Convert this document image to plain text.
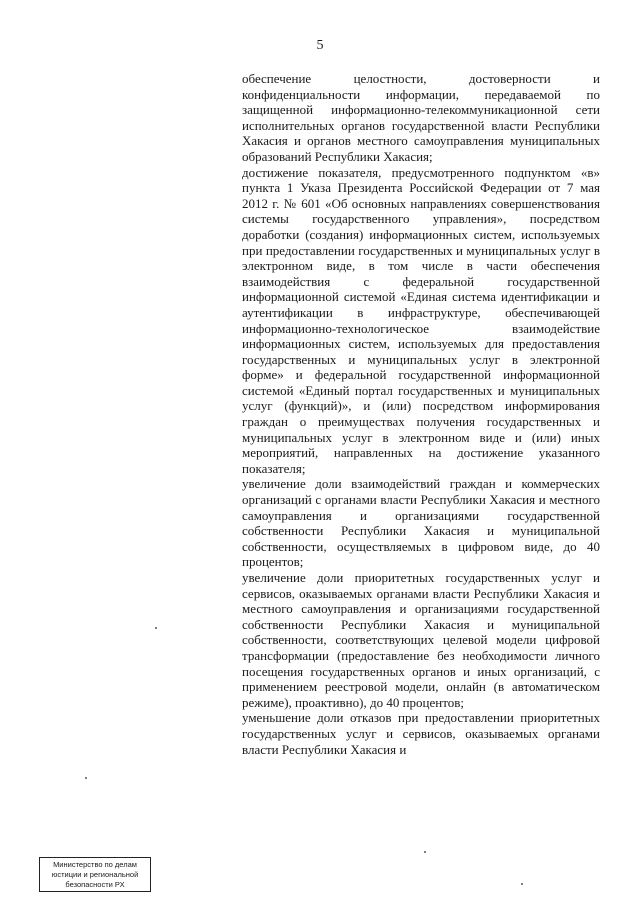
5

обеспечение целостности, достоверности и конфиденциальности информации, передаваемой по защищенной информационно-телекоммуникационной сети исполнительных органов государственной власти Республики Хакасия и органов местного самоуправления муниципальных образований Республики Хакасия;

достижение показателя, предусмотренного подпунктом «в» пункта 1 Указа Президента Российской Федерации от 7 мая 2012 г. № 601 «Об основных направлениях совершенствования системы государственного управления», посредством доработки (создания) информационных систем, используемых при предоставлении государственных и муниципальных услуг в электронном виде, в том числе в части обеспечения взаимодействия с федеральной государственной информационной системой «Единая система идентификации и аутентификации в инфраструктуре, обеспечивающей информационно-технологическое взаимодействие информационных систем, используемых для предоставления государственных и муниципальных услуг в электронной форме» и федеральной государственной информационной системой «Единый портал государственных и муниципальных услуг (функций)», и (или) посредством информирования граждан о преимуществах получения государственных и муниципальных услуг в электронном виде и (или) иных мероприятий, направленных на достижение указанного показателя;

увеличение доли взаимодействий граждан и коммерческих организаций с органами власти Республики Хакасия и местного самоуправления и организациями государственной собственности Республики Хакасия и муниципальной собственности, осуществляемых в цифровом виде, до 40 процентов;

увеличение доли приоритетных государственных услуг и сервисов, оказываемых органами власти Республики Хакасия и местного самоуправления и организациями государственной собственности Республики Хакасия и муниципальной собственности, соответствующих целевой модели цифровой трансформации (предоставление без необходимости личного посещения государственных органов и иных организаций, с применением реестровой модели, онлайн (в автоматическом режиме), проактивно), до 40 процентов;

уменьшение доли отказов при предоставлении приоритетных государственных услуг и сервисов, оказываемых органами власти Республики Хакасия и

Министерство по делам
юстиции и региональной
безопасности РХ
